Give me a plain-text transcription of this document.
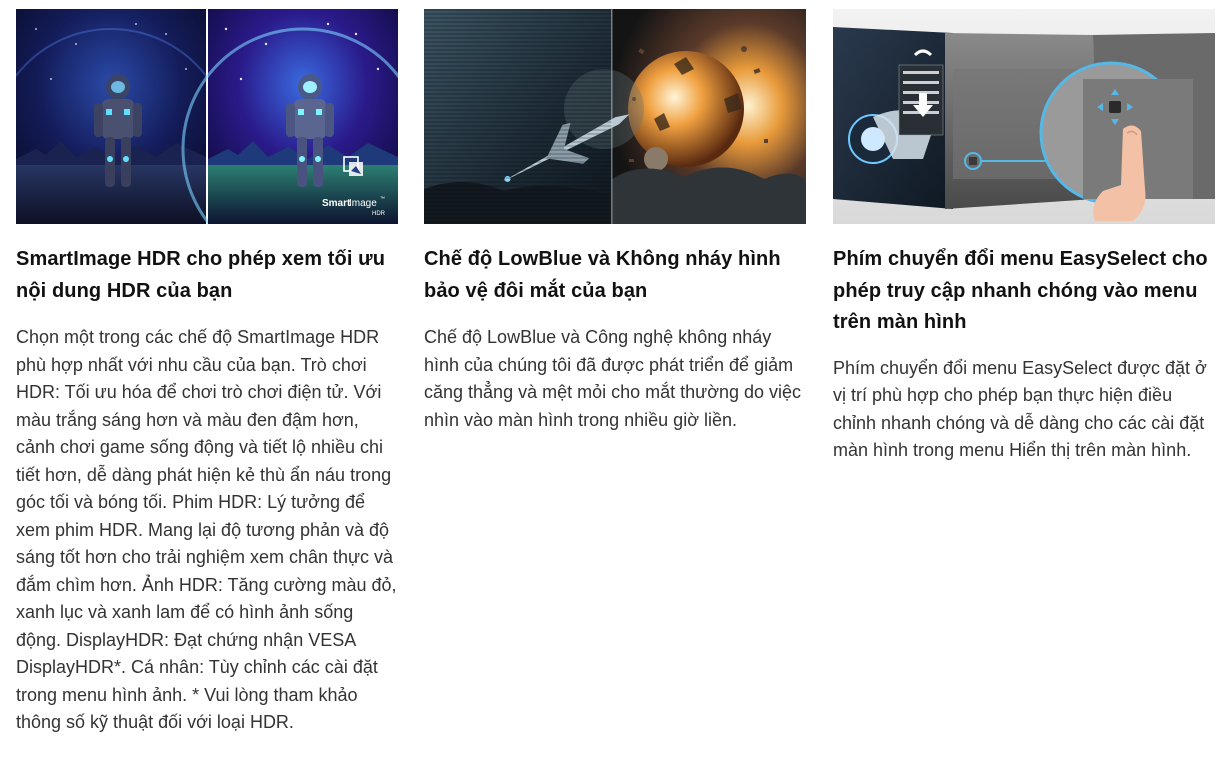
Smart
Image ™
HDR
SmartImage HDR cho phép xem tối ưu nội dung HDR của bạn

Chọn một trong các chế độ SmartImage HDR phù hợp nhất với nhu cầu của bạn. Trò chơi HDR: Tối ưu hóa để chơi trò chơi điện tử. Với màu trắng sáng hơn và màu đen đậm hơn, cảnh chơi game sống động và tiết lộ nhiều chi tiết hơn, dễ dàng phát hiện kẻ thù ẩn náu trong góc tối và bóng tối. Phim HDR: Lý tưởng để xem phim HDR. Mang lại độ tương phản và độ sáng tốt hơn cho trải nghiệm xem chân thực và đắm chìm hơn. Ảnh HDR: Tăng cường màu đỏ, xanh lục và xanh lam để có hình ảnh sống động. DisplayHDR: Đạt chứng nhận VESA DisplayHDR*. Cá nhân: Tùy chỉnh các cài đặt trong menu hình ảnh. * Vui lòng tham khảo thông số kỹ thuật đối với loại HDR.

Chế độ LowBlue và Không nháy hình bảo vệ đôi mắt của bạn

Chế độ LowBlue và Công nghệ không nháy hình của chúng tôi đã được phát triển để giảm căng thẳng và mệt mỏi cho mắt thường do việc nhìn vào màn hình trong nhiều giờ liền.

Phím chuyển đổi menu EasySelect cho phép truy cập nhanh chóng vào menu trên màn hình

Phím chuyển đổi menu EasySelect được đặt ở vị trí phù hợp cho phép bạn thực hiện điều chỉnh nhanh chóng và dễ dàng cho các cài đặt màn hình trong menu Hiển thị trên màn hình.
